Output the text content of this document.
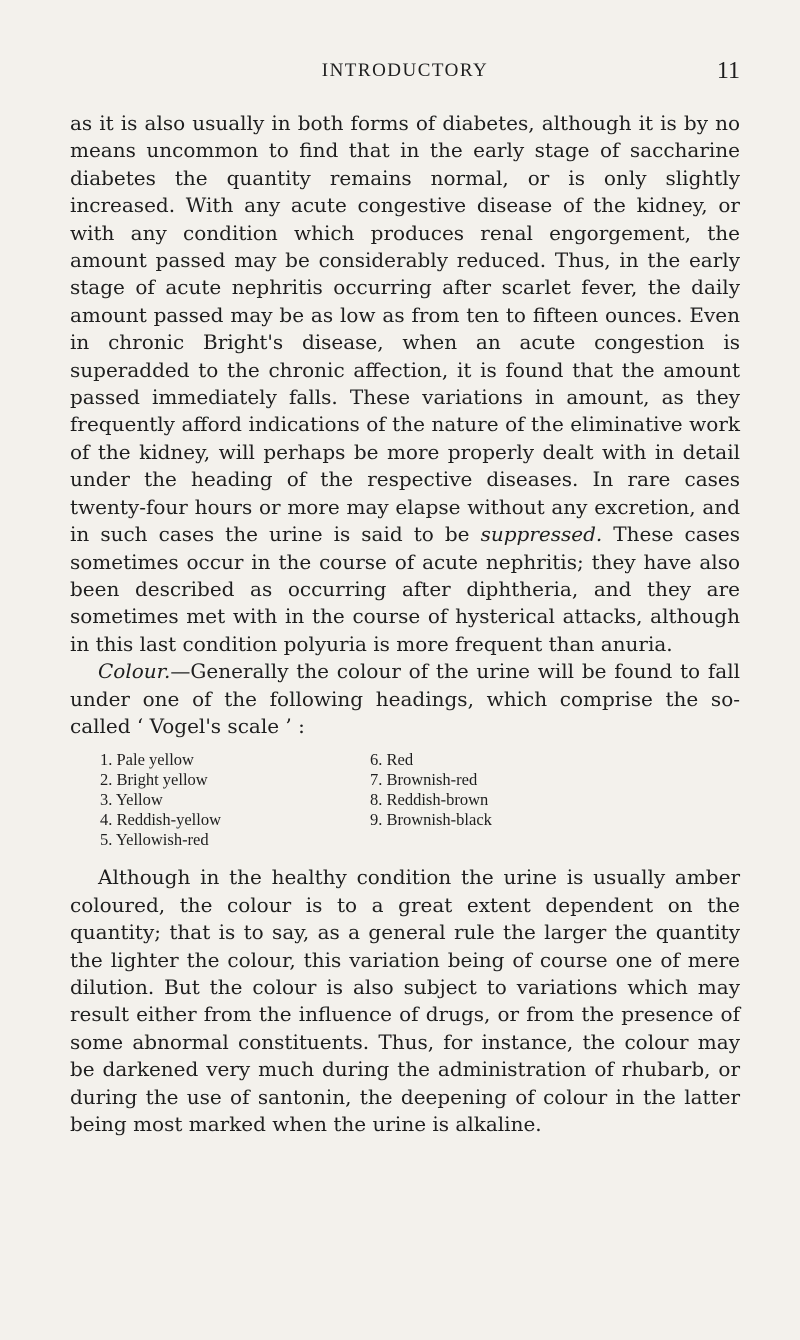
INTRODUCTORY	11

as it is also usually in both forms of diabetes, although it is by no means uncommon to find that in the early stage of saccharine diabetes the quantity remains normal, or is only slightly increased. With any acute congestive disease of the kidney, or with any condition which produces renal engorgement, the amount passed may be considerably reduced. Thus, in the early stage of acute nephritis occurring after scarlet fever, the daily amount passed may be as low as from ten to fifteen ounces. Even in chronic Bright's disease, when an acute congestion is superadded to the chronic affection, it is found that the amount passed immediately falls. These variations in amount, as they frequently afford indications of the nature of the eliminative work of the kidney, will perhaps be more properly dealt with in detail under the heading of the respective diseases. In rare cases twenty-four hours or more may elapse without any excretion, and in such cases the urine is said to be suppressed. These cases sometimes occur in the course of acute nephritis; they have also been described as occurring after diphtheria, and they are sometimes met with in the course of hysterical attacks, although in this last condition polyuria is more frequent than anuria.

Colour.—Generally the colour of the urine will be found to fall under one of the following headings, which comprise the so-called ‘ Vogel's scale ’ :

1. Pale yellow
2. Bright yellow
3. Yellow
4. Reddish-yellow
5. Yellowish-red
6. Red
7. Brownish-red
8. Reddish-brown
9. Brownish-black

Although in the healthy condition the urine is usually amber coloured, the colour is to a great extent dependent on the quantity; that is to say, as a general rule the larger the quantity the lighter the colour, this variation being of course one of mere dilution. But the colour is also subject to variations which may result either from the influence of drugs, or from the presence of some abnormal constituents. Thus, for instance, the colour may be darkened very much during the administration of rhubarb, or during the use of santonin, the deepening of colour in the latter being most marked when the urine is alkaline.
